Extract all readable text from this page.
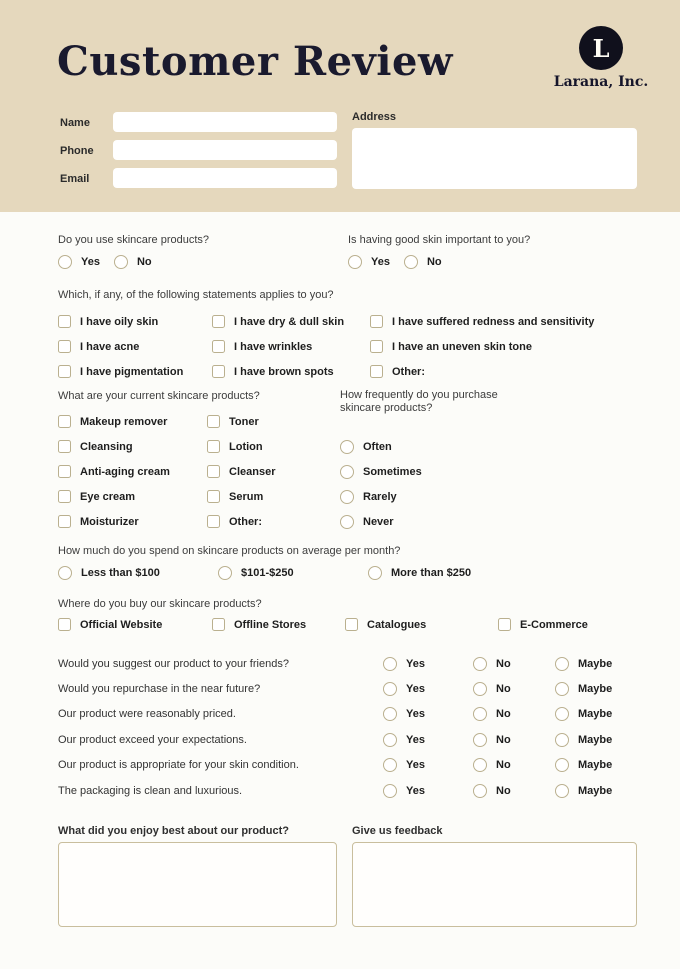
Customer Review	L
Larana, Inc.
Name
Phone
Email
Address
Do you use skincare products?
Yes	No
Is having good skin important to you?
Yes	No
Which, if any, of the following statements applies to you?
I have oily skin	I have dry & dull skin	I have suffered redness and sensitivity
I have acne	I have wrinkles	I have an uneven skin tone
I have pigmentation	I have brown spots	Other:
What are your current skincare products?
Makeup remover	Toner
Cleansing	Lotion
Anti-aging cream	Cleanser
Eye cream	Serum
Moisturizer	Other:
How frequently do you purchase skincare products?
Often
Sometimes
Rarely
Never
How much do you spend on skincare products on average per month?
Less than $100	$101-$250	More than $250
Where do you buy our skincare products?
Official Website	Offline Stores	Catalogues	E-Commerce
Would you suggest our product to your friends?	Yes	No	Maybe
Would you repurchase in the near future?	Yes	No	Maybe
Our product were reasonably priced.	Yes	No	Maybe
Our product exceed your expectations.	Yes	No	Maybe
Our product is appropriate for your skin condition.	Yes	No	Maybe
The packaging is clean and luxurious.	Yes	No	Maybe
What did you enjoy best about our product?	Give us feedback
